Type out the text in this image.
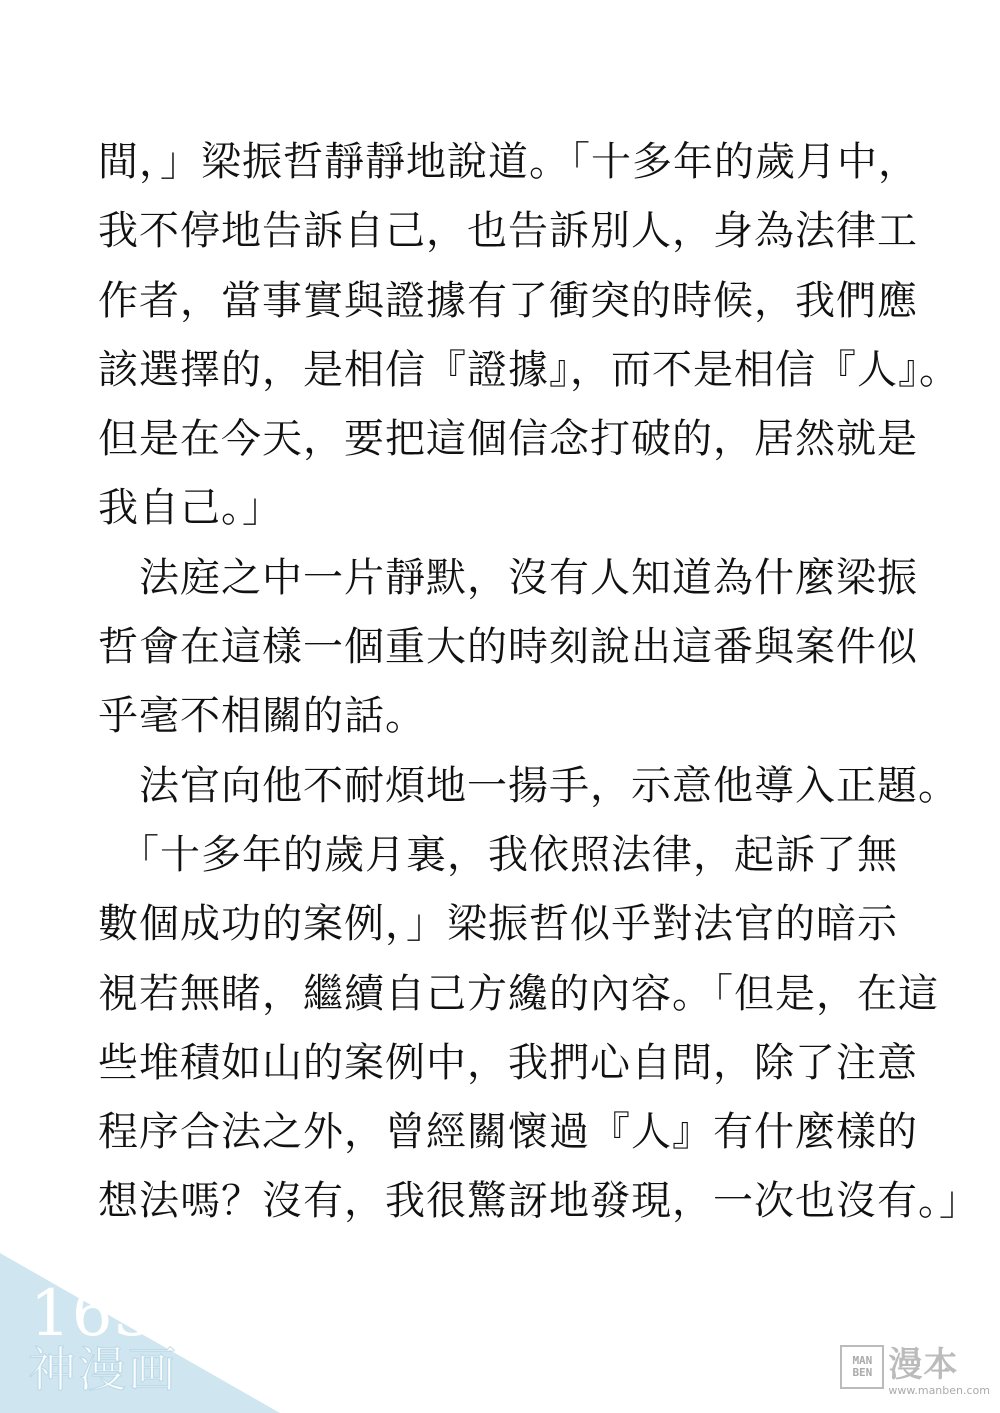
間，」梁振哲靜靜地說道。「十多年的歲月中，
我不停地告訴自己，也告訴別人，身為法律工
作者，當事實與證據有了衝突的時候，我們應
該選擇的，是相信『證據』，而不是相信『人』。
但是在今天，要把這個信念打破的，居然就是
我自己。」
　法庭之中一片靜默，沒有人知道為什麼梁振
哲會在這樣一個重大的時刻說出這番與案件似
乎毫不相關的話。
　法官向他不耐煩地一揚手，示意他導入正題。
　「十多年的歲月裏，我依照法律，起訴了無
數個成功的案例，」梁振哲似乎對法官的暗示
視若無睹，繼續自己方纔的內容。「但是，在這
些堆積如山的案例中，我捫心自問，除了注意
程序合法之外，曾經關懷過『人』有什麼樣的
想法嗎？沒有，我很驚訝地發現，一次也沒有。」
163
神漫画	MAN
BEN 漫本
www.manben.com
